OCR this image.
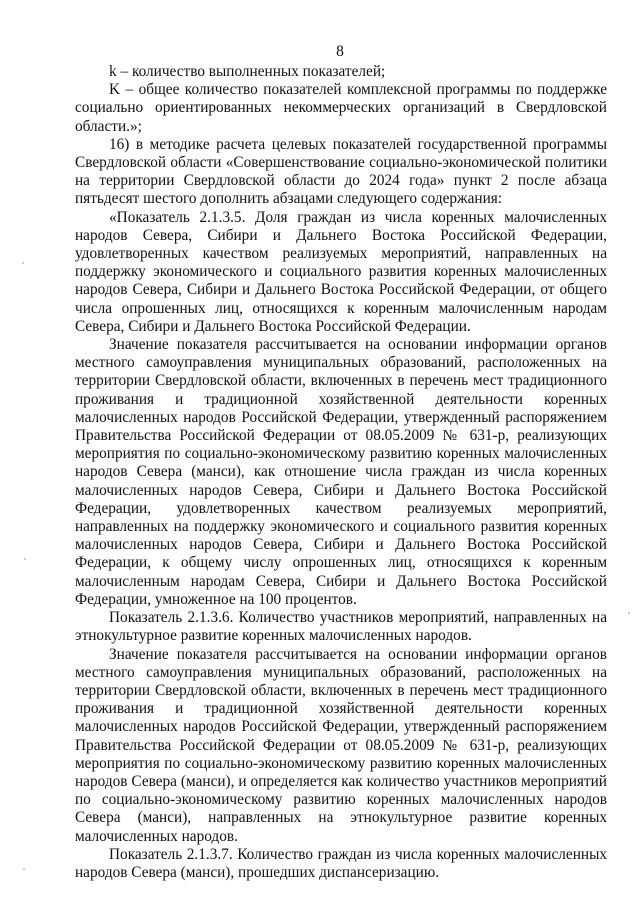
8

k – количество выполненных показателей;

K – общее количество показателей комплексной программы по поддержке социально ориентированных некоммерческих организаций в Свердловской области.»;

16) в методике расчета целевых показателей государственной программы Свердловской области «Совершенствование социально-экономической политики на территории Свердловской области до 2024 года» пункт 2 после абзаца пятьдесят шестого дополнить абзацами следующего содержания:

«Показатель 2.1.3.5. Доля граждан из числа коренных малочисленных народов Севера, Сибири и Дальнего Востока Российской Федерации, удовлетворенных качеством реализуемых мероприятий, направленных на поддержку экономического и социального развития коренных малочисленных народов Севера, Сибири и Дальнего Востока Российской Федерации, от общего числа опрошенных лиц, относящихся к коренным малочисленным народам Севера, Сибири и Дальнего Востока Российской Федерации.

Значение показателя рассчитывается на основании информации органов местного самоуправления муниципальных образований, расположенных на территории Свердловской области, включенных в перечень мест традиционного проживания и традиционной хозяйственной деятельности коренных малочисленных народов Российской Федерации, утвержденный распоряжением Правительства Российской Федерации от 08.05.2009 № 631-р, реализующих мероприятия по социально-экономическому развитию коренных малочисленных народов Севера (манси), как отношение числа граждан из числа коренных малочисленных народов Севера, Сибири и Дальнего Востока Российской Федерации, удовлетворенных качеством реализуемых мероприятий, направленных на поддержку экономического и социального развития коренных малочисленных народов Севера, Сибири и Дальнего Востока Российской Федерации, к общему числу опрошенных лиц, относящихся к коренным малочисленным народам Севера, Сибири и Дальнего Востока Российской Федерации, умноженное на 100 процентов.

Показатель 2.1.3.6. Количество участников мероприятий, направленных на этнокультурное развитие коренных малочисленных народов.

Значение показателя рассчитывается на основании информации органов местного самоуправления муниципальных образований, расположенных на территории Свердловской области, включенных в перечень мест традиционного проживания и традиционной хозяйственной деятельности коренных малочисленных народов Российской Федерации, утвержденный распоряжением Правительства Российской Федерации от 08.05.2009 № 631-р, реализующих мероприятия по социально-экономическому развитию коренных малочисленных народов Севера (манси), и определяется как количество участников мероприятий по социально-экономическому развитию коренных малочисленных народов Севера (манси), направленных на этнокультурное развитие коренных малочисленных народов.

Показатель 2.1.3.7. Количество граждан из числа коренных малочисленных народов Севера (манси), прошедших диспансеризацию.
